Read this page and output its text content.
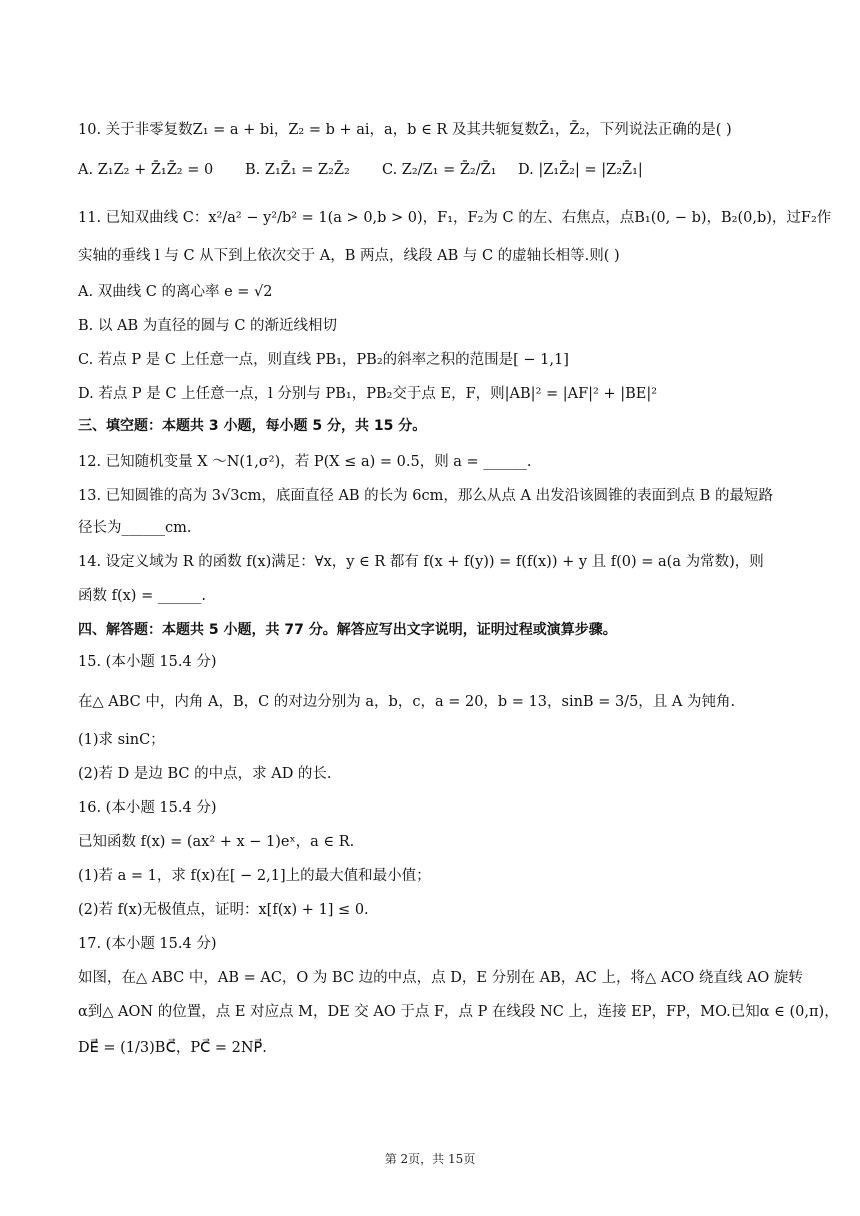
10. 关于非零复数Z₁ = a + bi，Z₂ = b + ai，a，b ∈ R 及其共轭复数Z̄₁，Z̄₂，下列说法正确的是( )
A. Z₁Z₂ + Z̄₁Z̄₂ = 0 B. Z₁Z̄₁ = Z₂Z̄₂ C. Z₂/Z₁ = Z̄₂/Z̄₁ D. |Z₁Z̄₂| = |Z₂Z̄₁|
11. 已知双曲线 C：x²/a² − y²/b² = 1(a > 0,b > 0)，F₁，F₂为 C 的左、右焦点，点B₁(0, − b)，B₂(0,b)，过F₂作
实轴的垂线 l 与 C 从下到上依次交于 A，B 两点，线段 AB 与 C 的虚轴长相等.则( )
A. 双曲线 C 的离心率 e = √2
B. 以 AB 为直径的圆与 C 的渐近线相切
C. 若点 P 是 C 上任意一点，则直线 PB₁，PB₂的斜率之积的范围是[ − 1,1]
D. 若点 P 是 C 上任意一点，l 分别与 PB₁，PB₂交于点 E，F，则|AB|² = |AF|² + |BE|²
三、填空题：本题共 3 小题，每小题 5 分，共 15 分。
12. 已知随机变量 X ～N(1,σ²)，若 P(X ≤ a) = 0.5，则 a = ______.
13. 已知圆锥的高为 3√3cm，底面直径 AB 的长为 6cm，那么从点 A 出发沿该圆锥的表面到点 B 的最短路
径长为______cm.
14. 设定义域为 R 的函数 f(x)满足：∀x，y ∈ R 都有 f(x + f(y)) = f(f(x)) + y 且 f(0) = a(a 为常数)，则
函数 f(x) = ______.
四、解答题：本题共 5 小题，共 77 分。解答应写出文字说明，证明过程或演算步骤。
15. (本小题 15.4 分)
在△ ABC 中，内角 A，B，C 的对边分别为 a，b，c，a = 20，b = 13，sinB = 3/5，且 A 为钝角.
(1)求 sinC；
(2)若 D 是边 BC 的中点，求 AD 的长.
16. (本小题 15.4 分)
已知函数 f(x) = (ax² + x − 1)eˣ，a ∈ R.
(1)若 a = 1，求 f(x)在[ − 2,1]上的最大值和最小值；
(2)若 f(x)无极值点，证明：x[f(x) + 1] ≤ 0.
17. (本小题 15.4 分)
如图，在△ ABC 中，AB = AC，O 为 BC 边的中点，点 D，E 分别在 AB，AC 上，将△ ACO 绕直线 AO 旋转
α到△ AON 的位置，点 E 对应点 M，DE 交 AO 于点 F，点 P 在线段 NC 上，连接 EP，FP，MO.已知α ∈ (0,π)，
DE⃗ = (1/3)BC⃗，PC⃗ = 2NP⃗.
第 2页，共 15页
